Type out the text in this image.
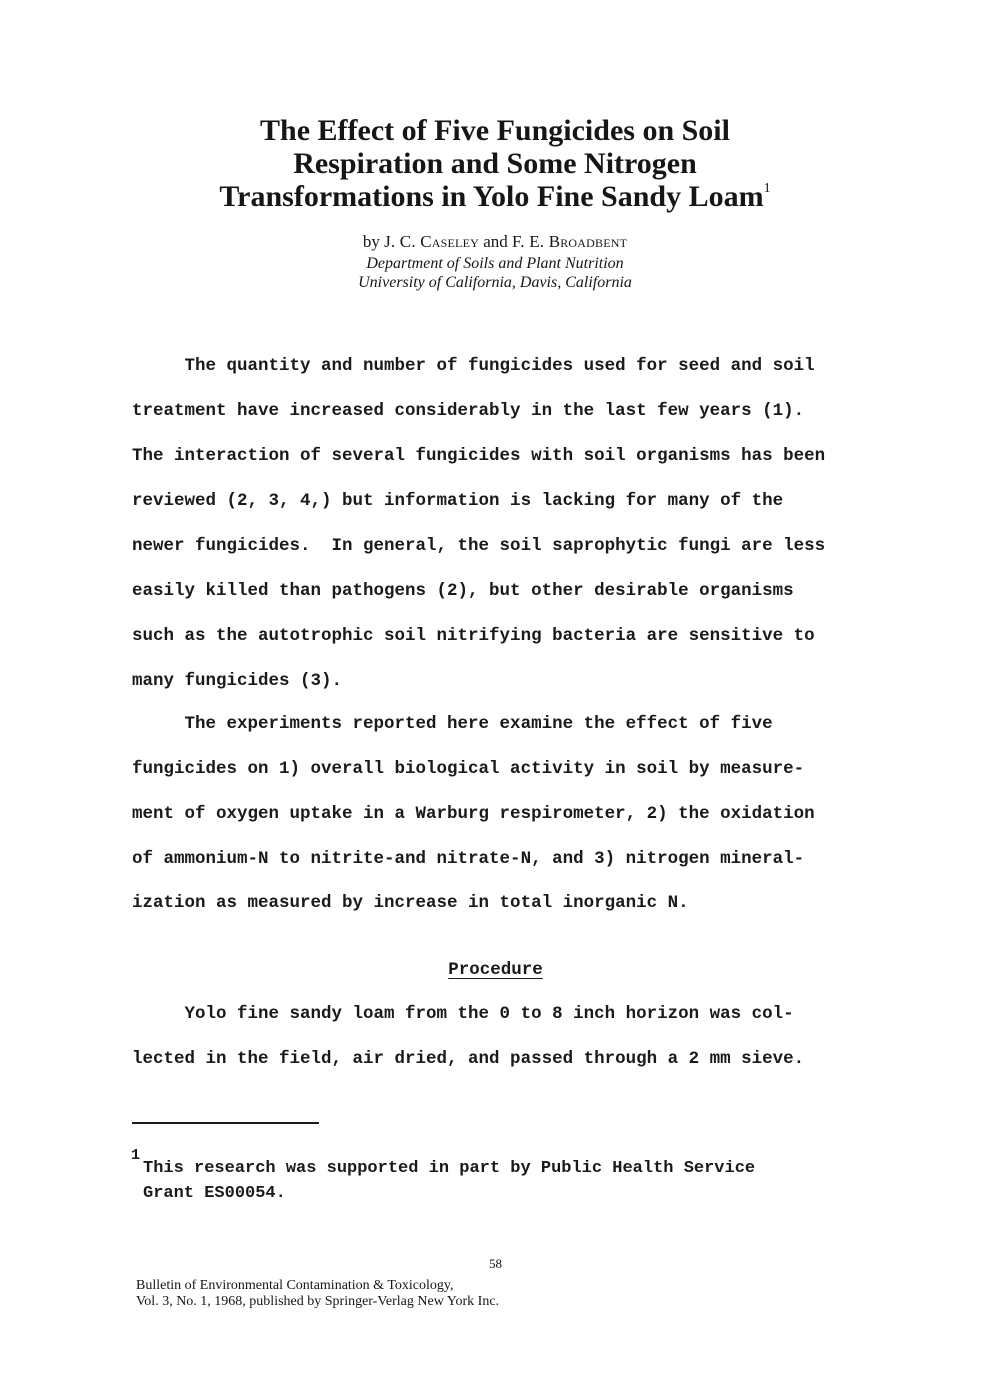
The Effect of Five Fungicides on Soil
Respiration and Some Nitrogen
Transformations in Yolo Fine Sandy Loam$^1$
by J. C. Caseley and F. E. Broadbent
Department of Soils and Plant Nutrition
University of California, Davis, California
The quantity and number of fungicides used for seed and soil
treatment have increased considerably in the last few years (1).
The interaction of several fungicides with soil organisms has been
reviewed (2, 3, 4,) but information is lacking for many of the
newer fungicides.  In general, the soil saprophytic fungi are less
easily killed than pathogens (2), but other desirable organisms
such as the autotrophic soil nitrifying bacteria are sensitive to
many fungicides (3).
The experiments reported here examine the effect of five
fungicides on 1) overall biological activity in soil by measure-
ment of oxygen uptake in a Warburg respirometer, 2) the oxidation
of ammonium-N to nitrite-and nitrate-N, and 3) nitrogen mineral-
ization as measured by increase in total inorganic N.
Procedure
Yolo fine sandy loam from the 0 to 8 inch horizon was col-
lected in the field, air dried, and passed through a 2 mm sieve.
1
This research was supported in part by Public Health Service
Grant ES00054.
58
Bulletin of Environmental Contamination & Toxicology,
Vol. 3, No. 1, 1968, published by Springer-Verlag New York Inc.
